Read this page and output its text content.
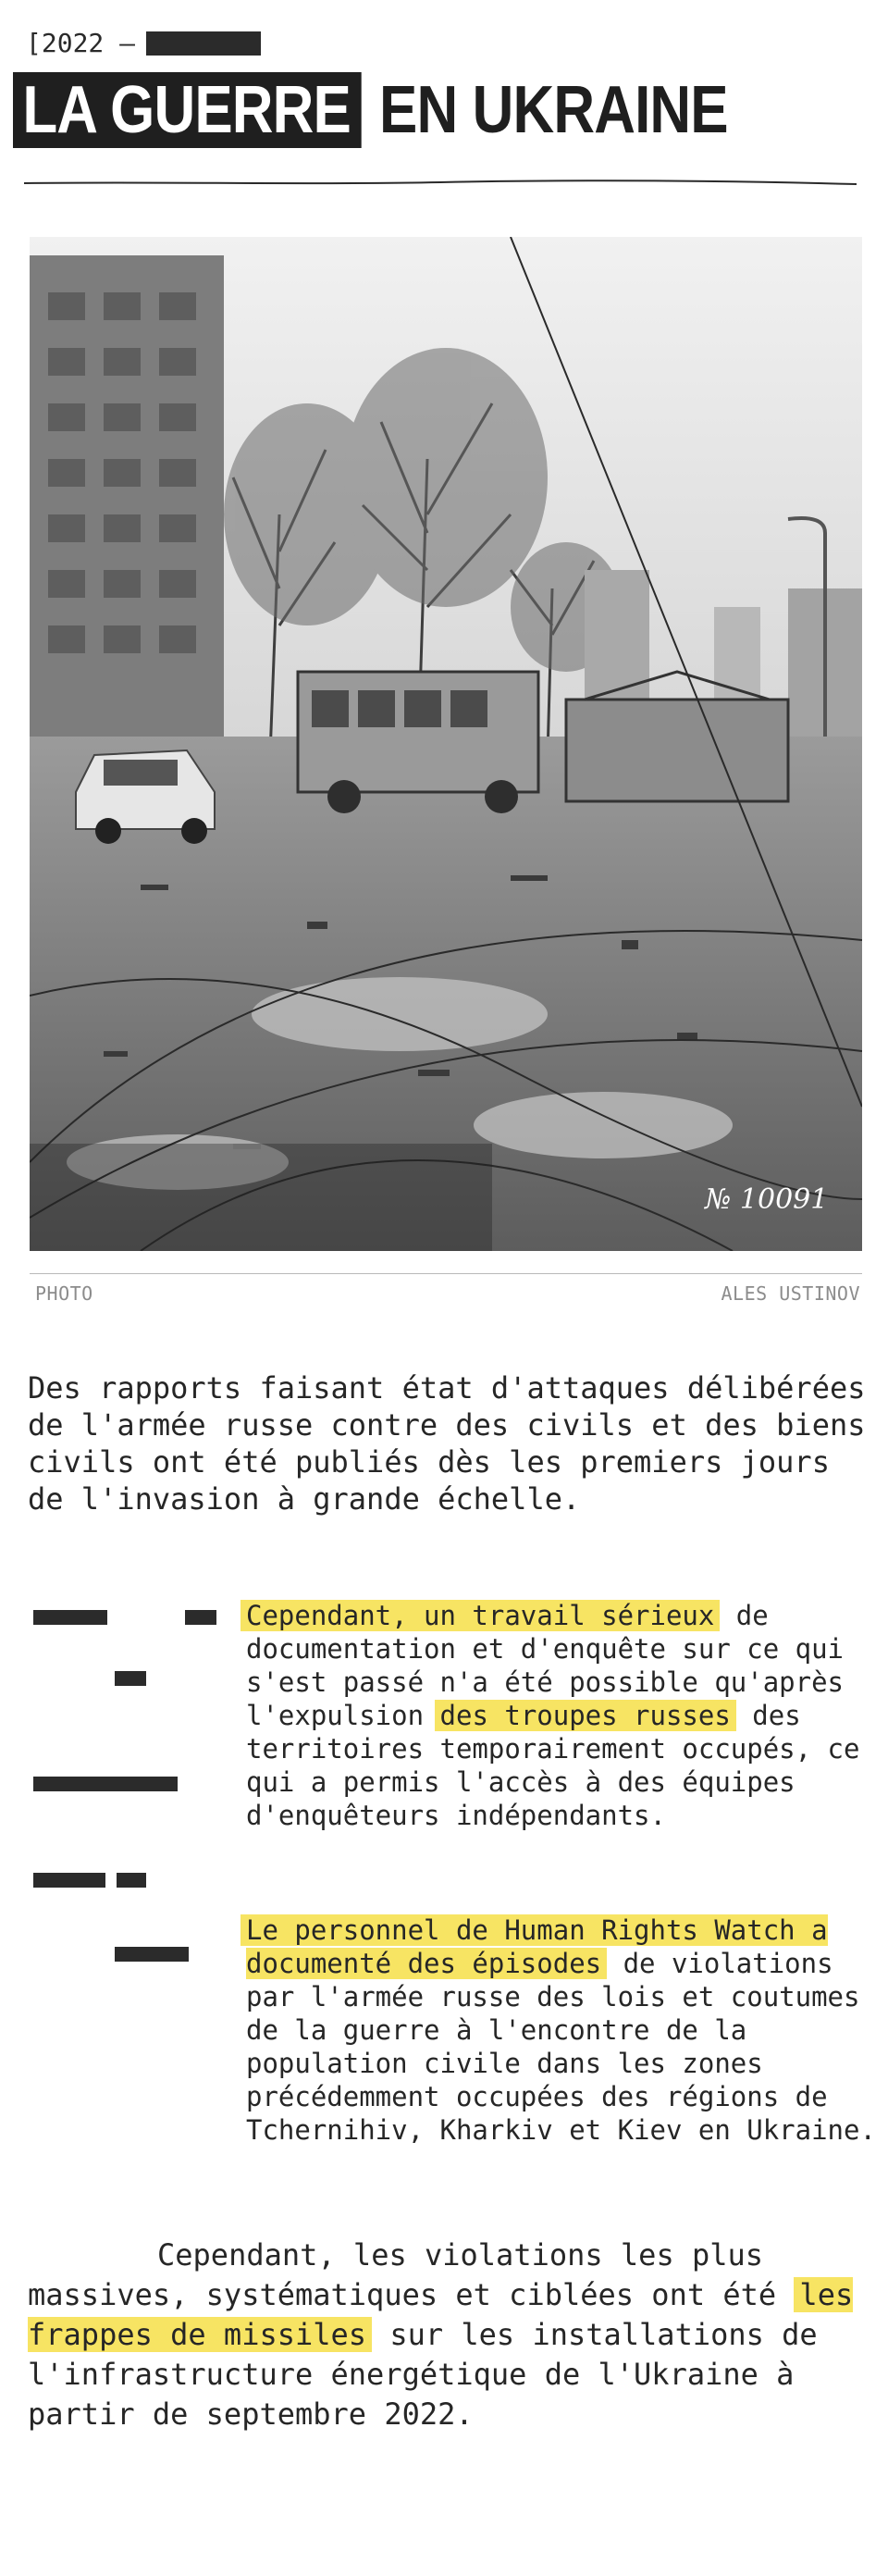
[2022 –
LA GUERRE EN UKRAINE
№ 10091
PHOTO	ALES USTINOV

Des rapports faisant état d'attaques délibérées de l'armée russe contre des civils et des biens civils ont été publiés dès les premiers jours de l'invasion à grande échelle.

Cependant, un travail sérieux de documentation et d'enquête sur ce qui s'est passé n'a été possible qu'après l'expulsion des troupes russes des territoires temporairement occupés, ce qui a permis l'accès à des équipes d'enquêteurs indépendants.

Le personnel de Human Rights Watch a documenté des épisodes de violations par l'armée russe des lois et coutumes de la guerre à l'encontre de la population civile dans les zones précédemment occupées des régions de Tchernihiv, Kharkiv et Kiev en Ukraine.

Cependant, les violations les plus massives, systématiques et ciblées ont été les frappes de missiles sur les installations de l'infrastructure énergétique de l'Ukraine à partir de septembre 2022.
